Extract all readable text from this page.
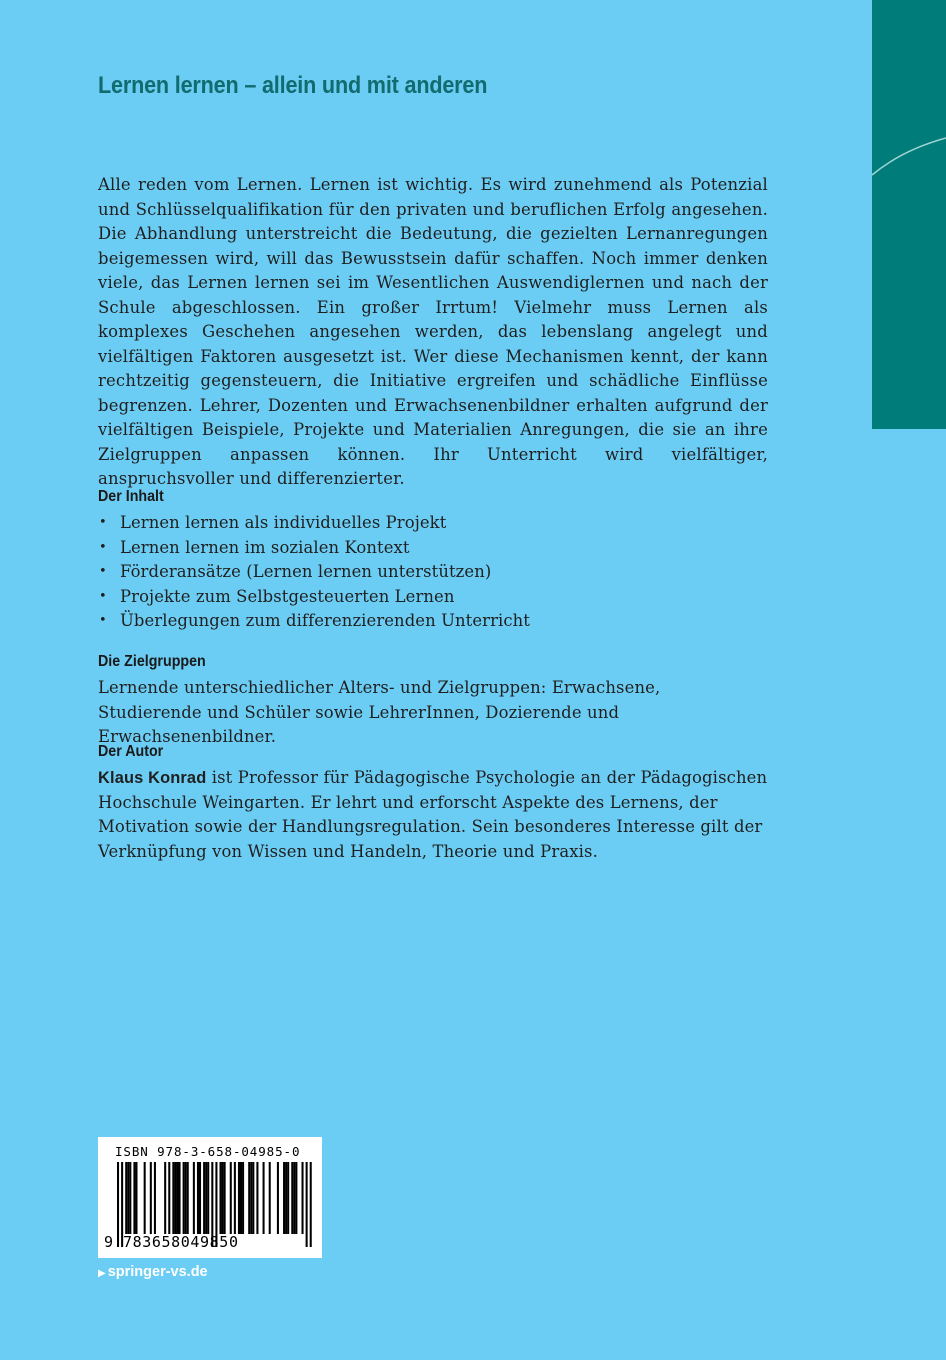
Lernen lernen – allein und mit anderen

Alle reden vom Lernen. Lernen ist wichtig. Es wird zunehmend als Potenzial und Schlüsselqualifikation für den privaten und beruflichen Erfolg angesehen. Die Abhandlung unterstreicht die Bedeutung, die gezielten Lernanregungen beigemessen wird, will das Bewusstsein dafür schaffen. Noch immer denken viele, das Lernen lernen sei im Wesentlichen Auswendiglernen und nach der Schule abgeschlossen. Ein großer Irrtum! Vielmehr muss Lernen als komplexes Geschehen angesehen werden, das lebenslang angelegt und vielfältigen Faktoren ausgesetzt ist. Wer diese Mechanismen kennt, der kann rechtzeitig gegensteuern, die Initiative ergreifen und schädliche Einflüsse begrenzen. Lehrer, Dozenten und Erwachsenenbildner erhalten aufgrund der vielfältigen Beispiele, Projekte und Materialien Anregungen, die sie an ihre Zielgruppen anpassen können. Ihr Unterricht wird vielfältiger, anspruchsvoller und differenzierter.

Der Inhalt
• Lernen lernen als individuelles Projekt
• Lernen lernen im sozialen Kontext
• Förderansätze (Lernen lernen unterstützen)
• Projekte zum Selbstgesteuerten Lernen
• Überlegungen zum differenzierenden Unterricht
Die Zielgruppen

Lernende unterschiedlicher Alters- und Zielgruppen: Erwachsene, Studierende und Schüler sowie LehrerInnen, Dozierende und Erwachsenenbildner.

Der Autor

Klaus Konrad ist Professor für Pädagogische Psychologie an der Pädagogischen Hochschule Weingarten. Er lehrt und erforscht Aspekte des Lernens, der Motivation sowie der Handlungsregulation. Sein besonderes Interesse gilt der Verknüpfung von Wissen und Handeln, Theorie und Praxis.

ISBN 978-3-658-04985-0
9 783658049850
▶ springer-vs.de
